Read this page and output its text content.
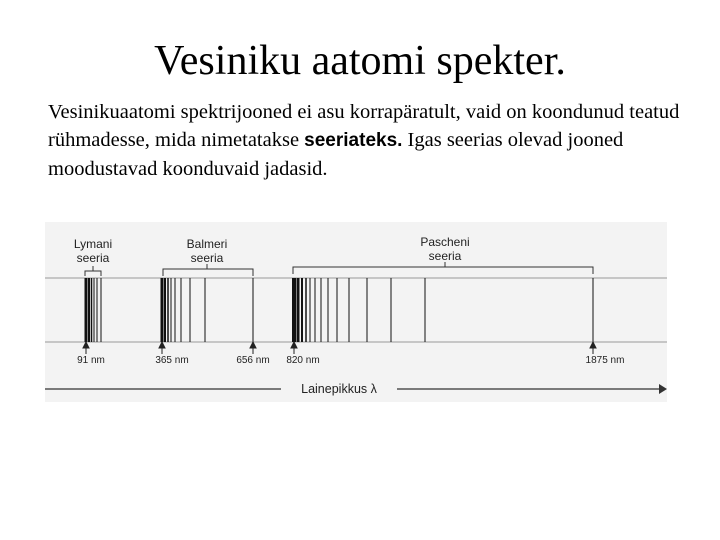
Vesiniku aatomi spekter.
Vesinikuaatomi spektrijooned ei asu korrapäratult, vaid on koondunud teatud rühmadesse, mida nimetatakse seeriateks. Igas seerias olevad jooned moodustavad koonduvaid jadasid.
Lymani
seeria
Balmeri
seeria
Pascheni
seeria
91 nm	365 nm	656 nm 820 nm	1875 nm
Lainepikkus λ
